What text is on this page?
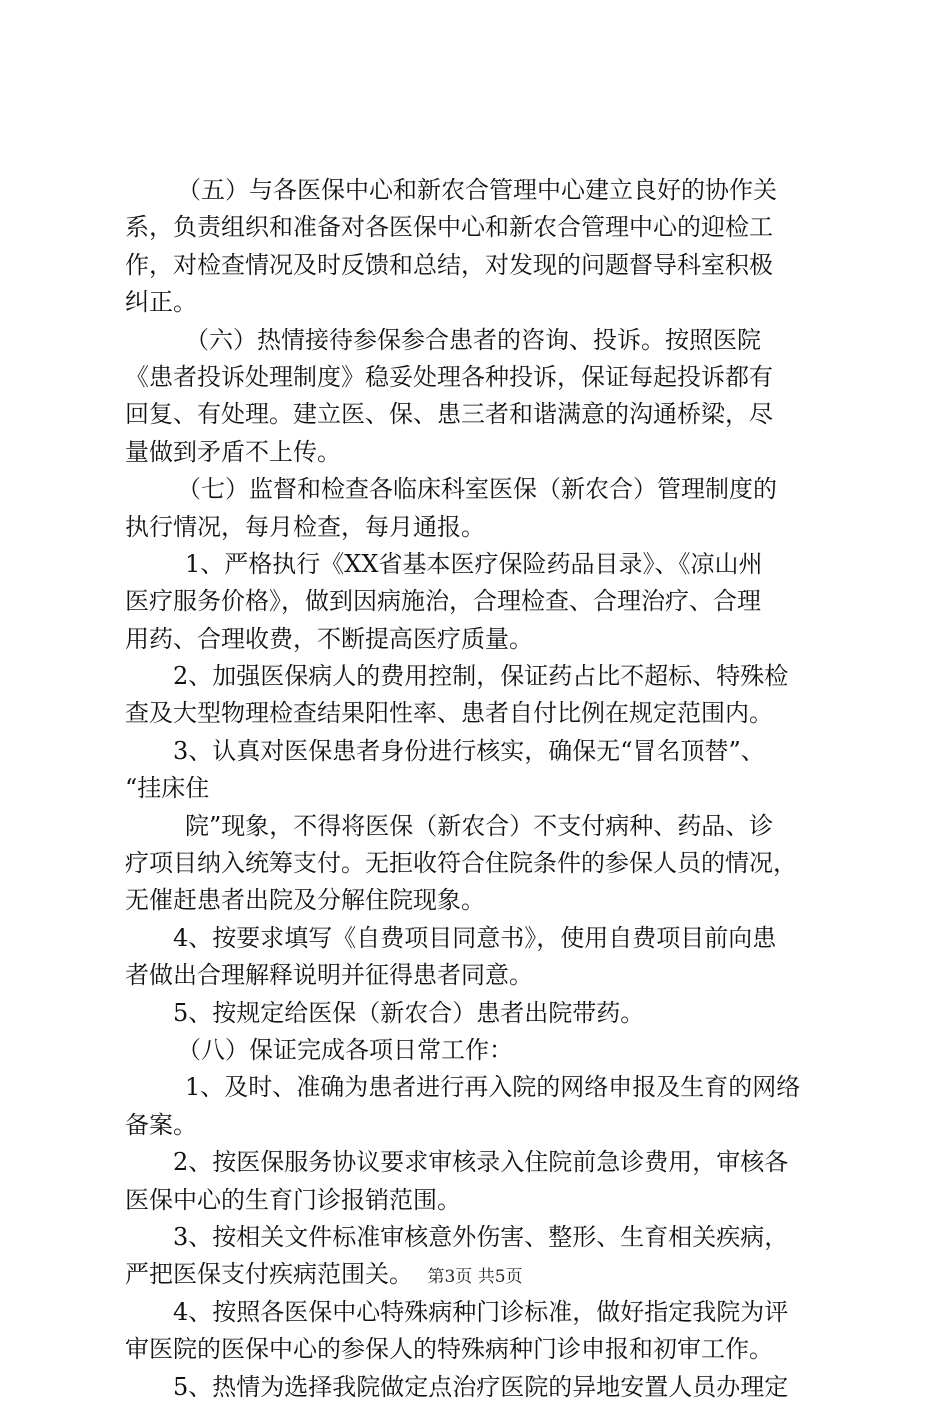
（五）与各医保中心和新农合管理中心建立良好的协作关
系，负责组织和准备对各医保中心和新农合管理中心的迎检工
作，对检查情况及时反馈和总结，对发现的问题督导科室积极
纠正。
（六）热情接待参保参合患者的咨询、投诉。按照医院
《患者投诉处理制度》稳妥处理各种投诉，保证每起投诉都有
回复、有处理。建立医、保、患三者和谐满意的沟通桥梁，尽
量做到矛盾不上传。
（七）监督和检查各临床科室医保（新农合）管理制度的
执行情况，每月检查，每月通报。
1、严格执行《XX省基本医疗保险药品目录》、《凉山州
医疗服务价格》，做到因病施治，合理检查、合理治疗、合理
用药、合理收费，不断提高医疗质量。
2、加强医保病人的费用控制，保证药占比不超标、特殊检
查及大型物理检查结果阳性率、患者自付比例在规定范围内。
3、认真对医保患者身份进行核实，确保无“冒名顶替”、
“挂床住
院”现象，不得将医保（新农合）不支付病种、药品、诊
疗项目纳入统筹支付。无拒收符合住院条件的参保人员的情况，
无催赶患者出院及分解住院现象。
4、按要求填写《自费项目同意书》，使用自费项目前向患
者做出合理解释说明并征得患者同意。
5、按规定给医保（新农合）患者出院带药。
（八）保证完成各项日常工作：
1、及时、准确为患者进行再入院的网络申报及生育的网络
备案。
2、按医保服务协议要求审核录入住院前急诊费用，审核各
医保中心的生育门诊报销范围。
3、按相关文件标准审核意外伤害、整形、生育相关疾病，
严把医保支付疾病范围关。
4、按照各医保中心特殊病种门诊标准，做好指定我院为评
审医院的医保中心的参保人的特殊病种门诊申报和初审工作。
5、热情为选择我院做定点治疗医院的异地安置人员办理定
第3页 共5页
